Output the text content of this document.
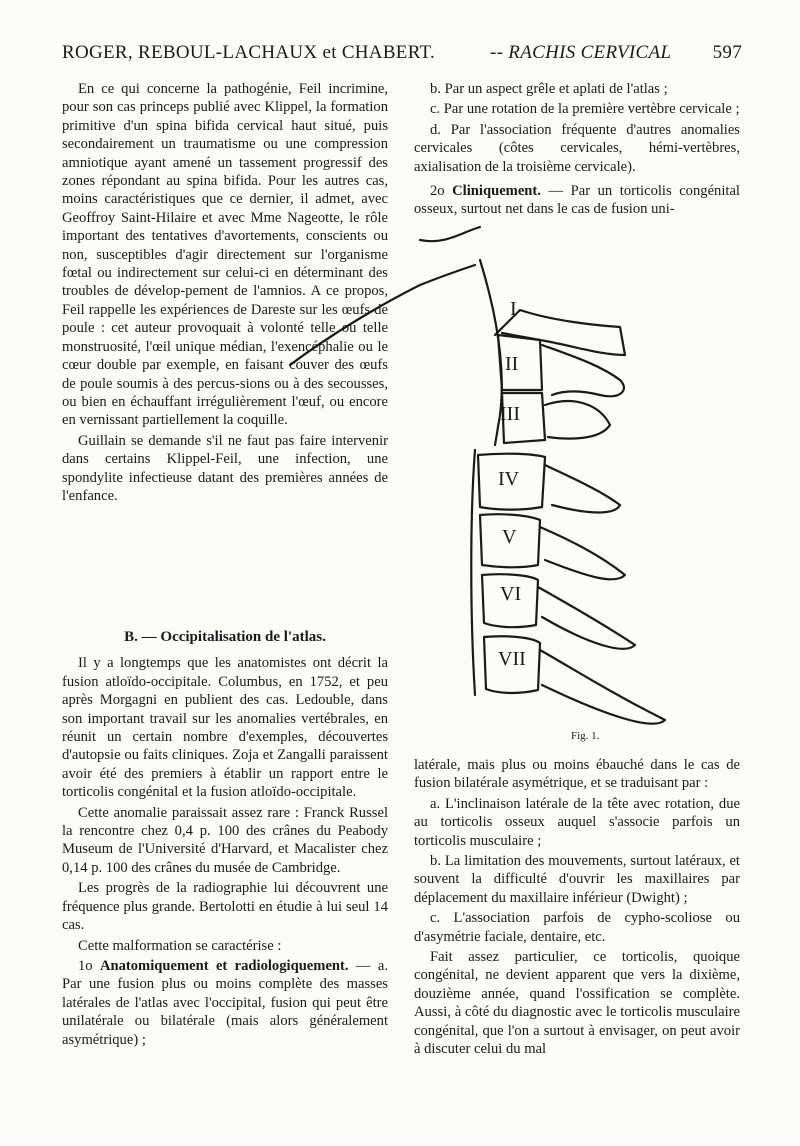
ROGER, REBOUL-LACHAUX et CHABERT.	-- RACHIS CERVICAL 597

En ce qui concerne la pathogénie, Feil incrimine, pour son cas princeps publié avec Klippel, la formation primitive d'un spina bifida cervical haut situé, puis secondairement un traumatisme ou une compression amniotique ayant amené un tassement progressif des zones répondant au spina bifida. Pour les autres cas, moins caractéristiques que ce dernier, il admet, avec Geoffroy Saint-Hilaire et avec Mme Nageotte, le rôle important des tentatives d'avortements, conscients ou non, susceptibles d'agir directement sur l'organisme fœtal ou indirectement sur celui-ci en déterminant des troubles de dévelop-pement de l'amnios. A ce propos, Feil rappelle les expériences de Dareste sur les œufs de poule : cet auteur provoquait à volonté telle ou telle monstruosité, l'œil unique médian, l'exencéphalie ou le cœur double par exemple, en faisant couver des œufs de poule soumis à des percus-sions ou à des secousses, ou bien en échauffant irrégulièrement l'œuf, ou encore en vernissant partiellement la coquille.

Guillain se demande s'il ne faut pas faire intervenir dans certains Klippel-Feil, une infection, une spondylite infectieuse datant des premières années de l'enfance.

b. Par un aspect grêle et aplati de l'atlas ;

c. Par une rotation de la première vertèbre cervicale ;

d. Par l'association fréquente d'autres anomalies cervicales (côtes cervicales, hémi-vertèbres, axialisation de la troisième cervicale).

2o Cliniquement. — Par un torticolis congénital osseux, surtout net dans le cas de fusion uni-

I
II
III
IV
V
VI
VII
Fig. 1.

B. — Occipitalisation de l'atlas.

Il y a longtemps que les anatomistes ont décrit la fusion atloïdo-occipitale. Columbus, en 1752, et peu après Morgagni en publient des cas. Ledouble, dans son important travail sur les anomalies vertébrales, en réunit un certain nombre d'exemples, découvertes d'autopsie ou faits cliniques. Zoja et Zangalli paraissent avoir été des premiers à établir un rapport entre le torticolis congénital et la fusion atloïdo-occipitale.

Cette anomalie paraissait assez rare : Franck Russel la rencontre chez 0,4 p. 100 des crânes du Peabody Museum de l'Université d'Harvard, et Macalister chez 0,14 p. 100 des crânes du musée de Cambridge.

Les progrès de la radiographie lui découvrent une fréquence plus grande. Bertolotti en étudie à lui seul 14 cas.

Cette malformation se caractérise :

1o Anatomiquement et radiologiquement. — a. Par une fusion plus ou moins complète des masses latérales de l'atlas avec l'occipital, fusion qui peut être unilatérale ou bilatérale (mais alors généralement asymétrique) ;

latérale, mais plus ou moins ébauché dans le cas de fusion bilatérale asymétrique, et se traduisant par :

a. L'inclinaison latérale de la tête avec rotation, due au torticolis osseux auquel s'associe parfois un torticolis musculaire ;

b. La limitation des mouvements, surtout latéraux, et souvent la difficulté d'ouvrir les maxillaires par déplacement du maxillaire inférieur (Dwight) ;

c. L'association parfois de cypho-scoliose ou d'asymétrie faciale, dentaire, etc.

Fait assez particulier, ce torticolis, quoique congénital, ne devient apparent que vers la dixième, douzième année, quand l'ossification se complète. Aussi, à côté du diagnostic avec le torticolis musculaire congénital, que l'on a surtout à envisager, on peut avoir à discuter celui du mal
